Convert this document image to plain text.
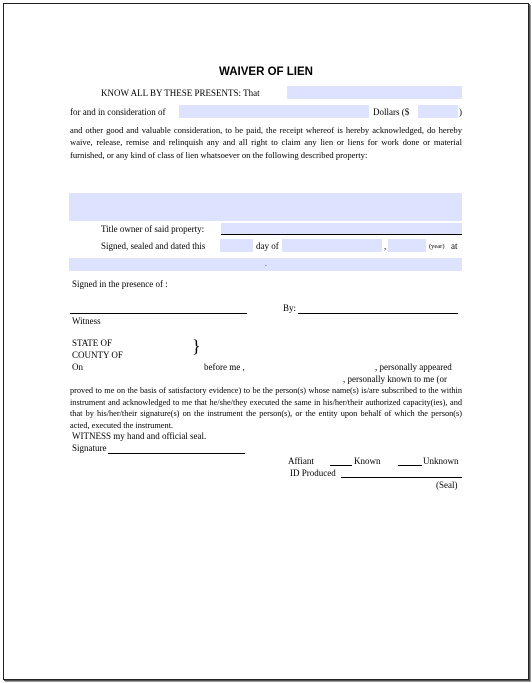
WAIVER OF LIEN
KNOW ALL BY THESE PRESENTS: That
for and in consideration of	Dollars ($	)
and other good and valuable consideration, to be paid, the receipt whereof is hereby acknowledged, do hereby waive, release, remise and relinquish any and all right to claim any lien or liens for work done or material furnished, or any kind of class of lien whatsoever on the following described property:
Title owner of said property:
Signed, sealed and dated this	day of	,	(year) at
.
Signed in the presence of :
By:
Witness
STATE OF
COUNTY OF	}
On	before me ,	, personally appeared
, personally known to me (or
proved to me on the basis of satisfactory evidence) to be the person(s) whose name(s) is/are subscribed to the within instrument and acknowledged to me that he/she/they executed the same in his/her/their authorized capacity(ies), and that by his/her/their signature(s) on the instrument the person(s), or the entity upon behalf of which the person(s) acted, executed the instrument.
WITNESS my hand and official seal.
Signature
Affiant	Known	Unknown
ID Produced
(Seal)
